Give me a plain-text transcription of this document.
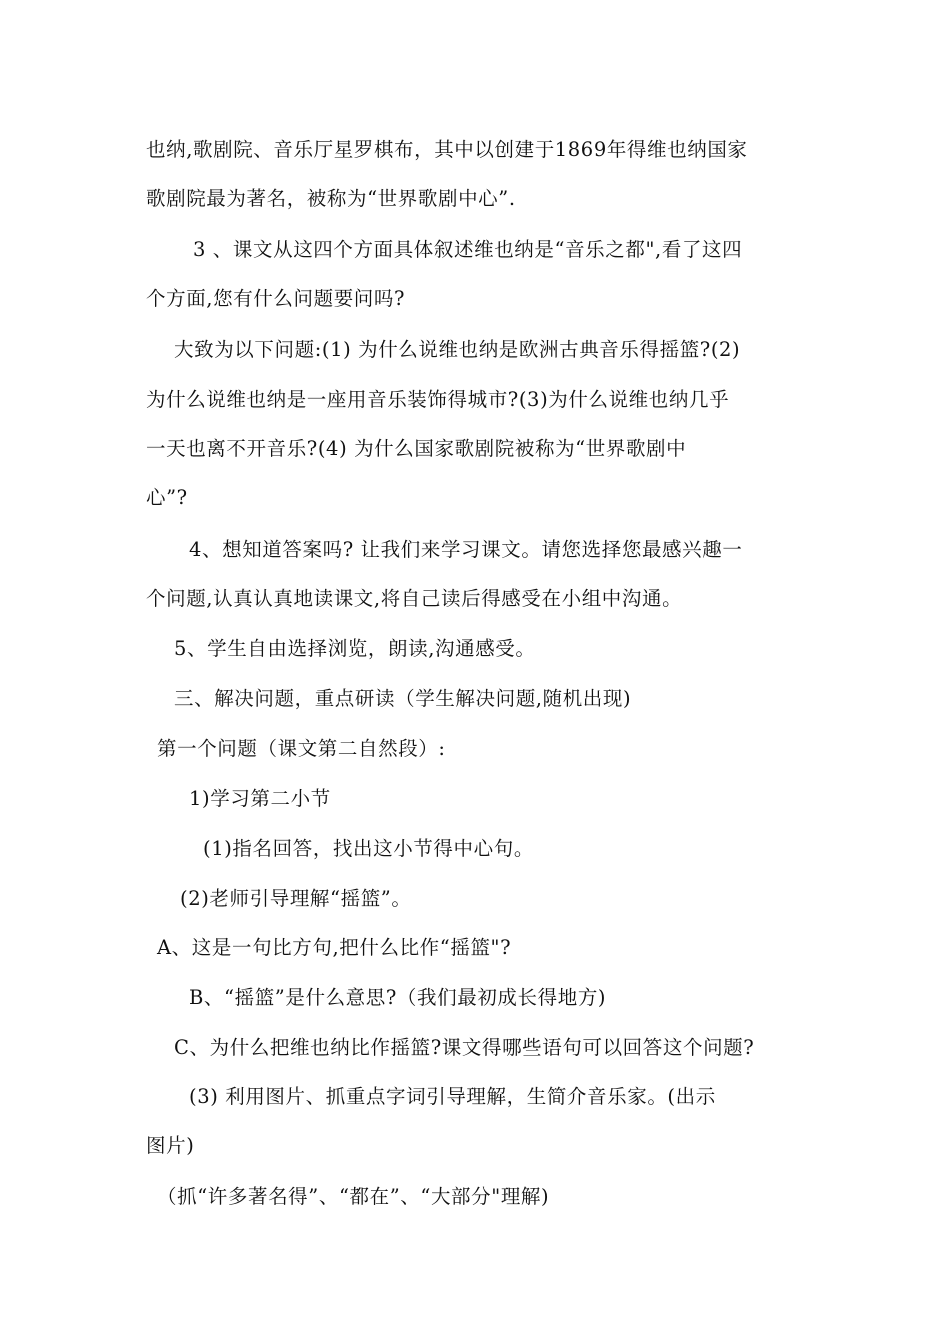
也纳,歌剧院、音乐厅星罗棋布，其中以创建于1869年得维也纳国家
歌剧院最为著名，被称为“世界歌剧中心”.
3 、课文从这四个方面具体叙述维也纳是“音乐之都",看了这四
个方面,您有什么问题要问吗?
大致为以下问题:(1) 为什么说维也纳是欧洲古典音乐得摇篮?(2)
为什么说维也纳是一座用音乐装饰得城市?(3)为什么说维也纳几乎
一天也离不开音乐?(4) 为什么国家歌剧院被称为“世界歌剧中
心”?
4、想知道答案吗? 让我们来学习课文。请您选择您最感兴趣一
个问题,认真认真地读课文,将自己读后得感受在小组中沟通。
5、学生自由选择浏览，朗读,沟通感受。
三、解决问题，重点研读（学生解决问题,随机出现)
第一个问题（课文第二自然段）:
1)学习第二小节
(1)指名回答，找出这小节得中心句。
(2)老师引导理解“摇篮”。
A、这是一句比方句,把什么比作“摇篮"?
B、“摇篮”是什么意思?（我们最初成长得地方)
C、为什么把维也纳比作摇篮?课文得哪些语句可以回答这个问题?
(3) 利用图片、抓重点字词引导理解，生简介音乐家。(出示
图片)
（抓“许多著名得”、“都在”、“大部分"理解)
